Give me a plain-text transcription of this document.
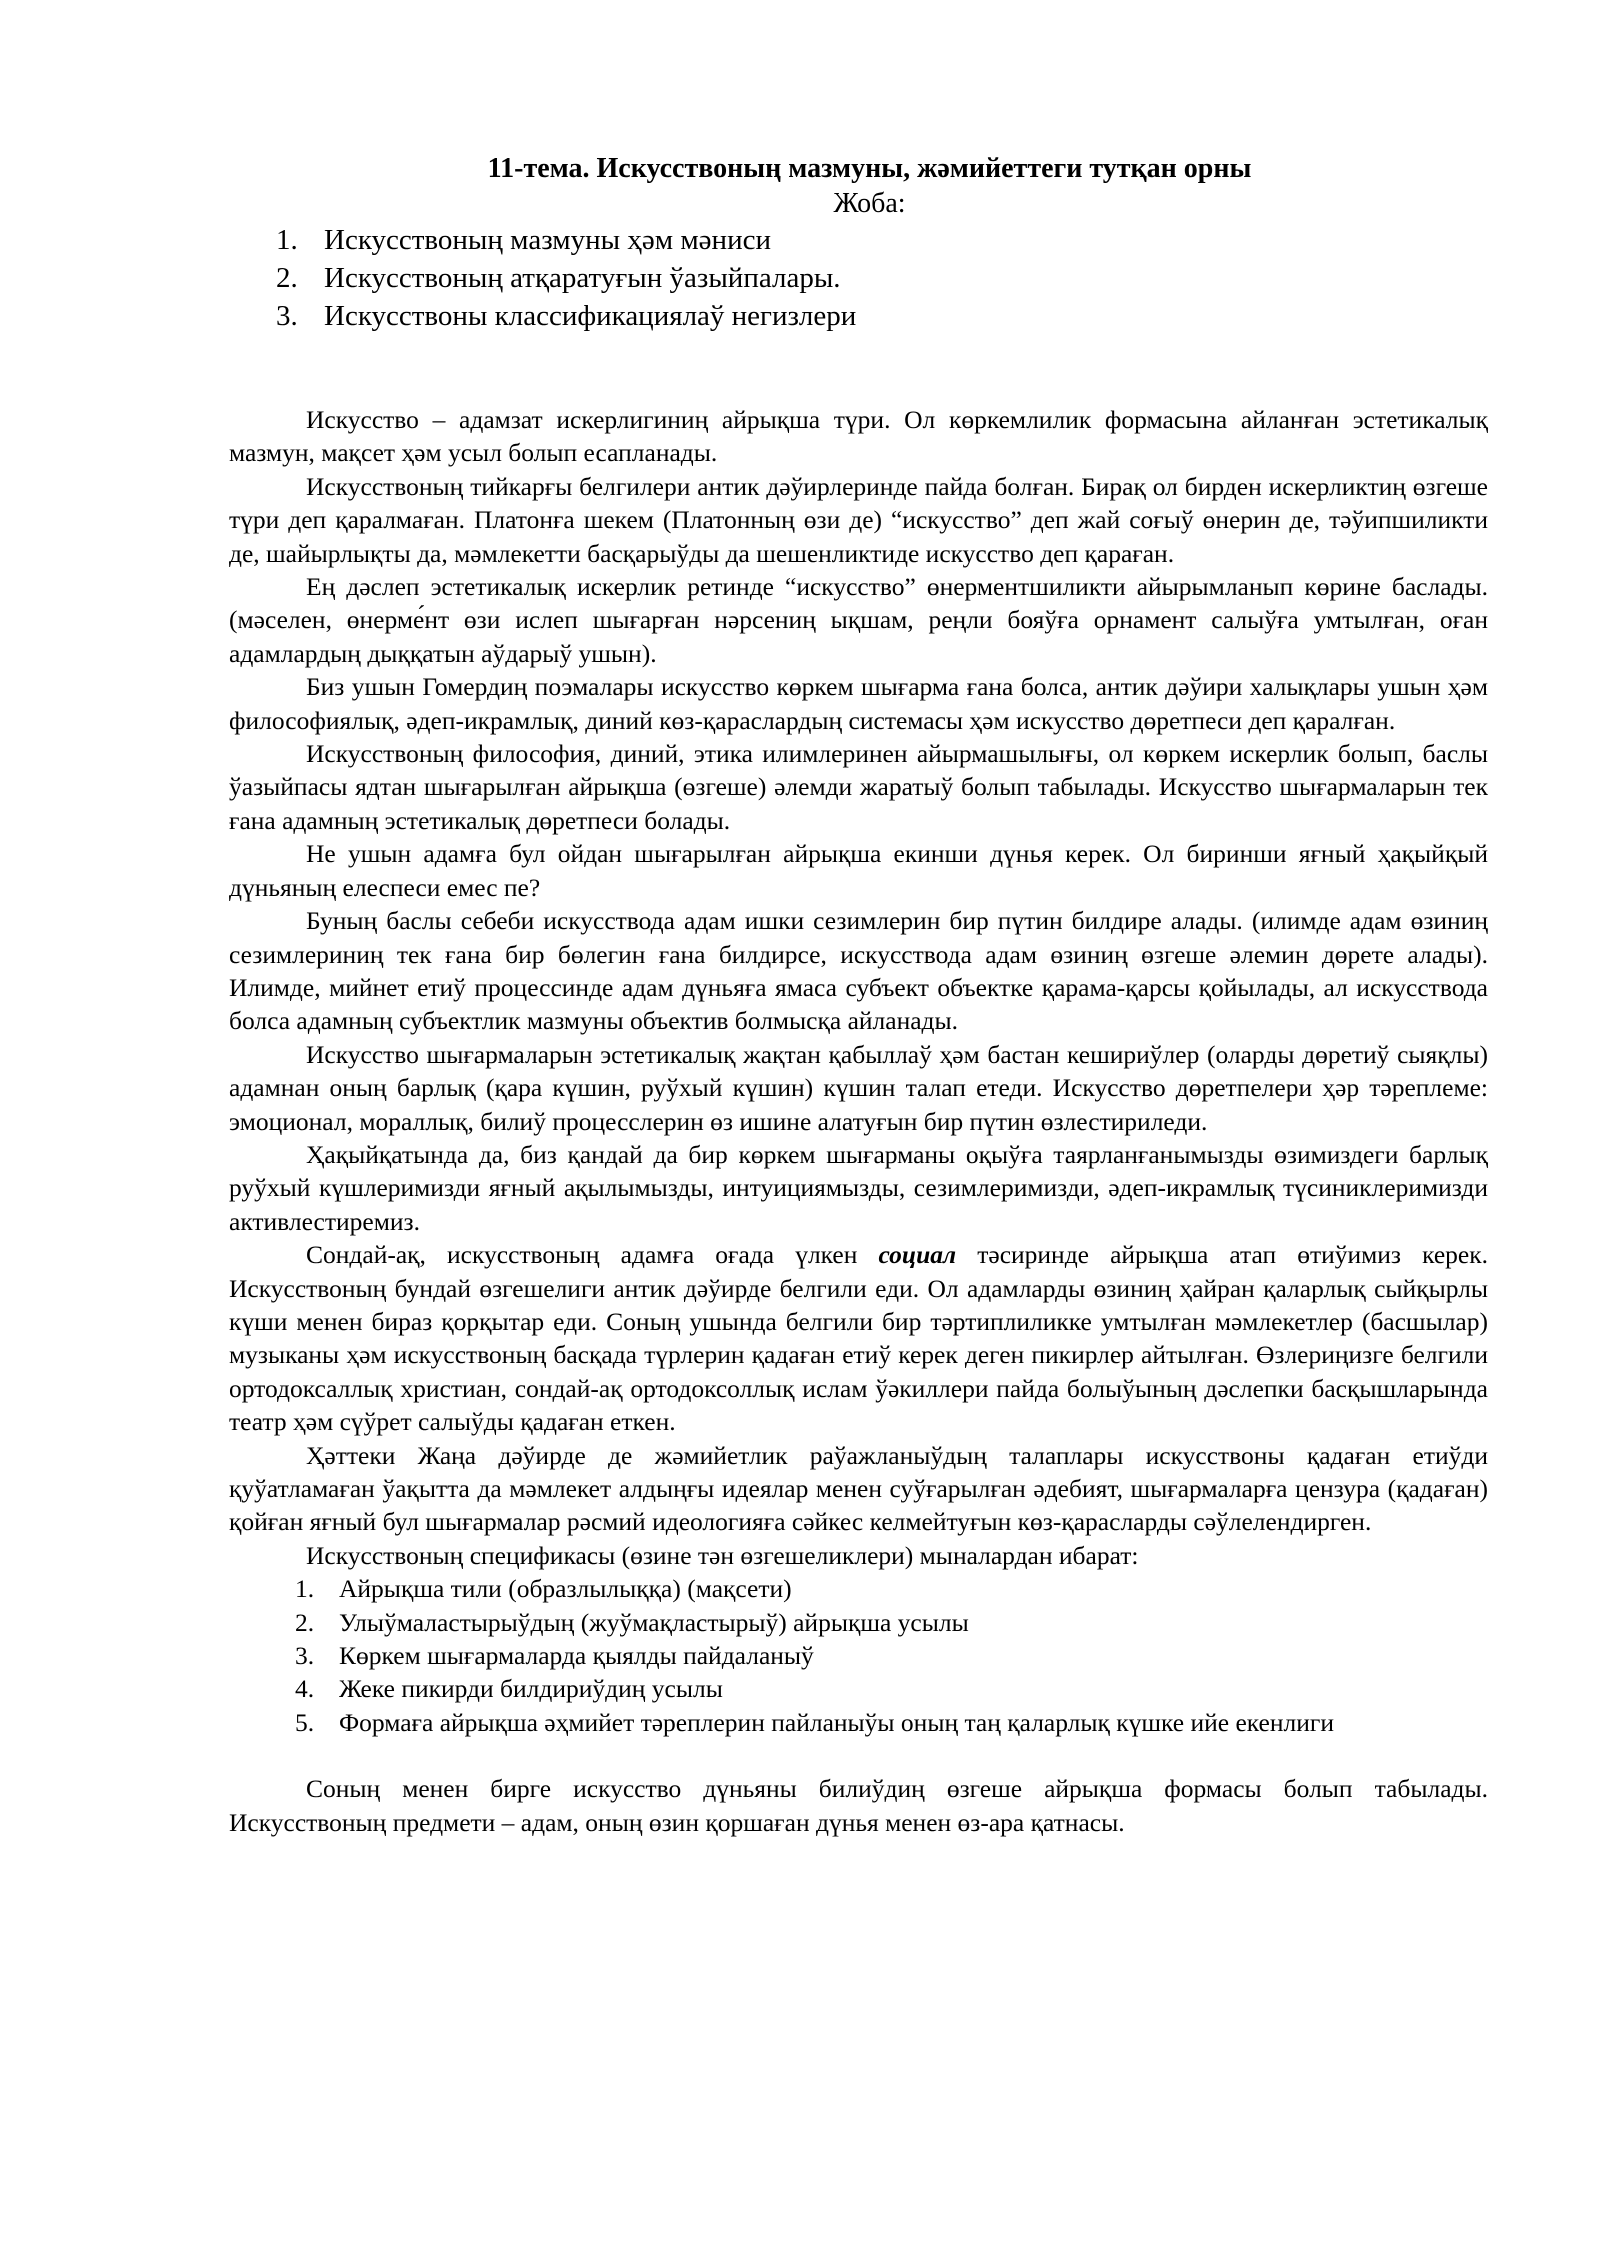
11-тема. Искусствоның мазмуны, жәмийеттеги тутқан орны

Жоба:

1. Искусствоның мазмуны ҳәм мәниси
2. Искусствоның атқаратуғын ўазыйпалары.
3. Искусствоны классификациялаў негизлери

Искусство – адамзат искерлигиниң айрықша түри. Ол көркемлилик формасына айланған эстетикалық мазмун, мақсет ҳәм усыл болып есапланады.

Искусствоның тийкарғы белгилери антик дәўирлеринде пайда болған. Бирақ ол бирден искерликтиң өзгеше түри деп қаралмаған. Платонға шекем (Платонның өзи де) “искусство” деп жай соғыў өнерин де, тәўипшиликти де, шайырлықты да, мәмлекетти басқарыўды да шешенликтиде искусство деп қараған.

Ең дәслеп эстетикалық искерлик ретинде “искусство” өнерментшиликти айырымланып көрине баслады. (мәселен, өнерме́нт өзи ислеп шығарған нәрсениң ықшам, реңли бояўға орнамент салыўға умтылған, оған адамлардың дыққатын аўдарыў ушын).

Биз ушын Гомердиң поэмалары искусство көркем шығарма ғана болса, антик дәўири халықлары ушын ҳәм философиялық, әдеп-икрамлық, диний көз-қараслардың системасы ҳәм искусство дөретпеси деп қаралған.

Искусствоның философия, диний, этика илимлеринен айырмашылығы, ол көркем искерлик болып, баслы ўазыйпасы ядтан шығарылған айрықша (өзгеше) әлемди жаратыў болып табылады. Искусство шығармаларын тек ғана адамның эстетикалық дөретпеси болады.

Не ушын адамға бул ойдан шығарылған айрықша екинши дүнья керек. Ол биринши яғный ҳақыйқый дүньяның елеспеси емес пе?

Буның баслы себеби искусствода адам ишки сезимлерин бир пүтин билдире алады. (илимде адам өзиниң сезимлериниң тек ғана бир бөлегин ғана билдирсе, искусствода адам өзиниң өзгеше әлемин дөрете алады). Илимде, мийнет етиў процессинде адам дүньяға ямаса субъект объектке қарама-қарсы қойылады, ал искусствода болса адамның субъектлик мазмуны объектив болмысқа айланады.

Искусство шығармаларын эстетикалық жақтан қабыллаў ҳәм бастан кешириўлер (оларды дөретиў сыяқлы) адамнан оның барлық (қара күшин, руўхый күшин) күшин талап етеди. Искусство дөретпелери ҳәр тәреплеме: эмоционал, мораллық, билиў процесслерин өз ишине алатуғын бир пүтин өзлестириледи.

Ҳақыйқатында да, биз қандай да бир көркем шығарманы оқыўға таярланғанымызды өзимиздеги барлық руўхый күшлеримизди яғный ақылымызды, интуициямызды, сезимлеримизди, әдеп-икрамлық түсиниклеримизди активлестиремиз.

Сондай-ақ, искусствоның адамға оғада үлкен социал тәсиринде айрықша атап өтиўимиз керек. Искусствоның бундай өзгешелиги антик дәўирде белгили еди. Ол адамларды өзиниң ҳайран қаларлық сыйқырлы күши менен бираз қорқытар еди. Соның ушында белгили бир тәртиплиликке умтылған мәмлекетлер (басшылар) музыканы ҳәм искусствоның басқада түрлерин қадаған етиў керек деген пикирлер айтылған. Өзлериңизге белгили ортодоксаллық христиан, сондай-ақ ортодоксоллық ислам ўәкиллери пайда болыўының дәслепки басқышларында театр ҳәм сүўрет салыўды қадаған еткен.

Ҳәттеки Жаңа дәўирде де жәмийетлик раўажланыўдың талаплары искусствоны қадаған етиўди қуўатламаған ўақытта да мәмлекет алдыңғы идеялар менен суўғарылған әдебият, шығармаларға цензура (қадаған) қойған яғный бул шығармалар рәсмий идеологияға сәйкес келмейтуғын көз-қарасларды сәўлелендирген.

Искусствоның спецификасы (өзине тән өзгешеликлери) мыналардан ибарат:

1. Айрықша тили (образлылыққа) (мақсети)
2. Улыўмаластырыўдың (жуўмақластырыў) айрықша усылы
3. Көркем шығармаларда қыялды пайдаланыў
4. Жеке пикирди билдириўдиң усылы
5. Формаға айрықша әҳмийет тәреплерин пайланыўы оның таң қаларлық күшке ийе екенлиги

Соның менен бирге искусство дүньяны билиўдиң өзгеше айрықша формасы болып табылады. Искусствоның предмети – адам, оның өзин қоршаған дүнья менен өз-ара қатнасы.
